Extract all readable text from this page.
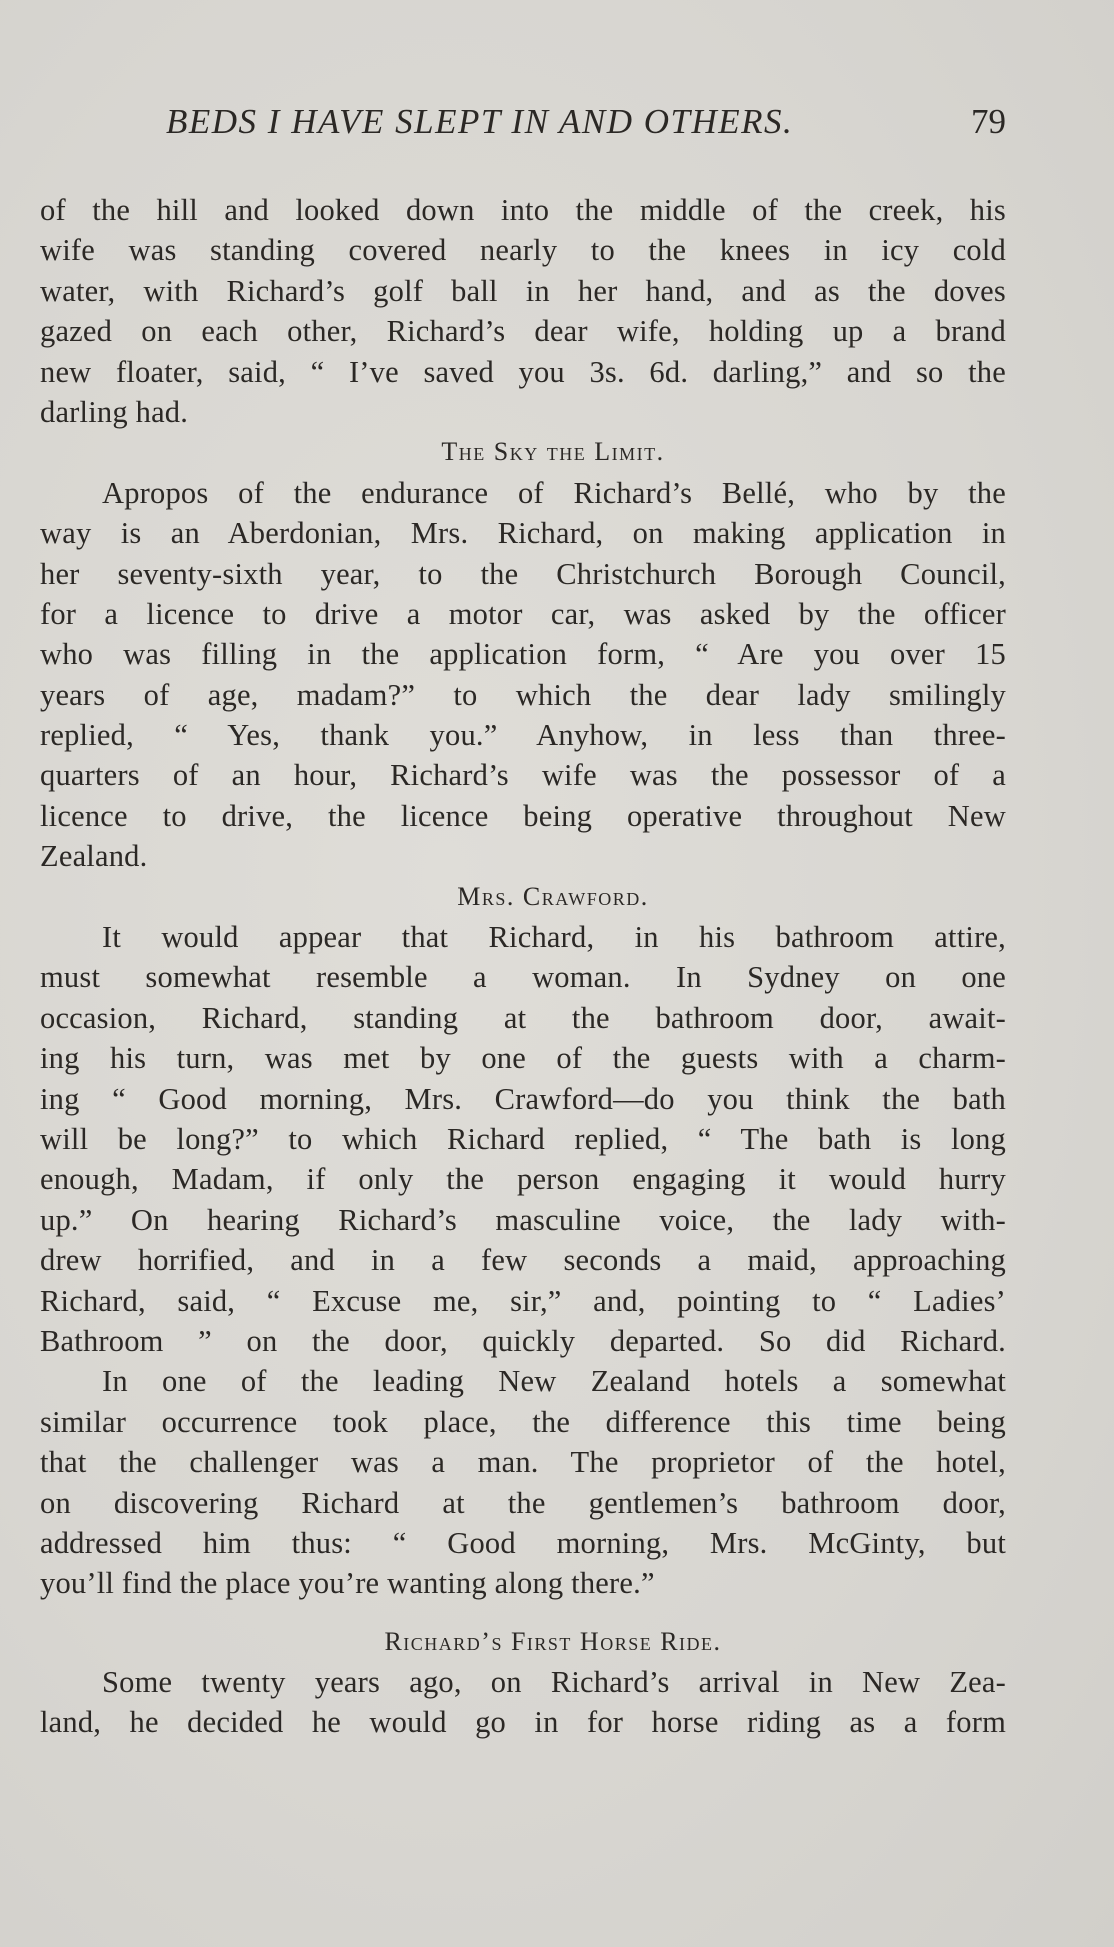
BEDS I HAVE SLEPT IN AND OTHERS.	79
of the hill and looked down into the middle of the creek, his
wife was standing covered nearly to the knees in icy cold
water, with Richard’s golf ball in her hand, and as the doves
gazed on each other, Richard’s dear wife, holding up a brand
new floater, said, “ I’ve saved you 3s. 6d. darling,” and so the
darling had.
The Sky the Limit.
Apropos of the endurance of Richard’s Bellé, who by the
way is an Aberdonian, Mrs. Richard, on making application in
her seventy-sixth year, to the Christchurch Borough Council,
for a licence to drive a motor car, was asked by the officer
who was filling in the application form, “ Are you over 15
years of age, madam?” to which the dear lady smilingly
replied, “ Yes, thank you.” Anyhow, in less than three-
quarters of an hour, Richard’s wife was the possessor of a
licence to drive, the licence being operative throughout New
Zealand.
Mrs. Crawford.
It would appear that Richard, in his bathroom attire,
must somewhat resemble a woman. In Sydney on one
occasion, Richard, standing at the bathroom door, await-
ing his turn, was met by one of the guests with a charm-
ing “ Good morning, Mrs. Crawford—do you think the bath
will be long?” to which Richard replied, “ The bath is long
enough, Madam, if only the person engaging it would hurry
up.” On hearing Richard’s masculine voice, the lady with-
drew horrified, and in a few seconds a maid, approaching
Richard, said, “ Excuse me, sir,” and, pointing to “ Ladies’
Bathroom ” on the door, quickly departed. So did Richard.
In one of the leading New Zealand hotels a somewhat
similar occurrence took place, the difference this time being
that the challenger was a man. The proprietor of the hotel,
on discovering Richard at the gentlemen’s bathroom door,
addressed him thus: “ Good morning, Mrs. McGinty, but
you’ll find the place you’re wanting along there.”
Richard’s First Horse Ride.
Some twenty years ago, on Richard’s arrival in New Zea-
land, he decided he would go in for horse riding as a form
